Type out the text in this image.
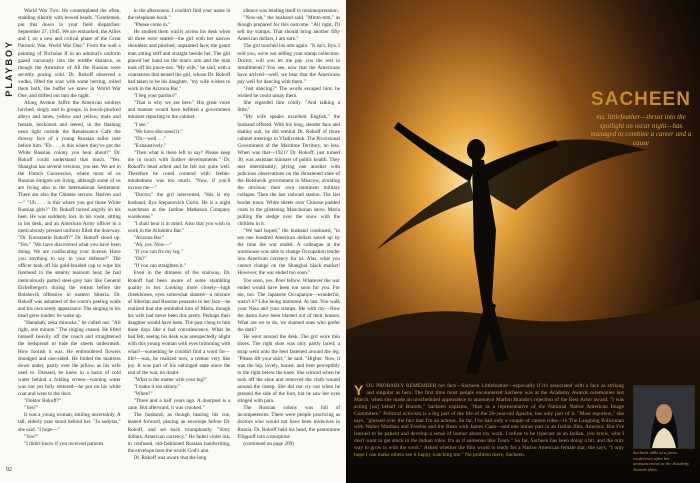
PLAYBOY

World War Two. He contemplated the often, standing silently with bowed heads. "Gentlemen, put this down in your field dispatches: September 27, 1945. We are embarked, the Allies and I, on a new and critical phase of the Great Patriotic War. World War One." From the wall a painting of Nicholas II in an admiral's uniform gazed vacuously into the middle distance, as though the Armistice of All the Russias were secretly posing wild. Dr. Rokoff observed a vodka, lifted the sour with some herring, rolled them both, the buffet we knew in World War One, and drifted out into the night.

Along Avenue Joffre the American soldiers lurched, singly and in groups, in hooch-plucked alleys and lanes, yellow and yellow, male and female, beckoned and leered, in the flashing neon light outside the Renaissance Café the drowsy face of a young Russian sailor rose before him. "Eh . . . is this where they've got the White Russian colony you hear about?" Dr. Rokoff could understand that much. "Yes. Shanghai has several versions, you see. We are in the French Concession, where most of us Russian émigrés are living, although some of us are living also in the International Settlement. There are also the Chinese sectors. Natives and—" "Uh . . . is this where you got those White Russian girls?" Dr. Rokoff turned angrily on his heel. He was suddenly lost. In his room, sitting in his desk, and an American Army officer in a meticulously pressed uniform filled the doorway. "Dr. Konstantin Rokoff?" Dr. Rokoff stood up. "Yes." "We have discovered what you have been doing. We are confiscating your license. Have you anything to say in your defense?" The officer took off his gold-braided cap to wipe his forehead in the steamy tearoom heat; he had meticulously parted steel-grey hair like General Eichelberger's during the retreat before the Bolshevik offensive in eastern Siberia. Dr. Rokoff was ashamed of the room's peeling walls and his own seedy appearance. The singing in his head grew louder; he woke up.

"Hanukah, zeka minuska," he called out. "All right, one minute." The ringing ceased. He lifted himself heavily off the couch and straightened the bedspread to hide the sheets underneath. How foolish it was. He embroidered flowers smudged and one-sided. He folded the mattress down under, partly over the pillow, as his wife used to. Dressed, he knew in a basin of cold water behind a folding screen—running water was not yet fully restored—he put on his white coat and went to the door.

"Doktor Rokoff?"

"Yes?"

It was a young woman, smiling uncertainly. A tall, elderly man stood behind her. "Ja sodytas," she said. "I hope—"

"Yes?"

"I didn't know if you received patients

in the afternoons. I couldn't find your name in the telephone book."

"Please come in."

He studied them warily across his desk when all three were seated—the girl with her narrow shoulders and pinched, unpainted face; the gaunt man sitting stiff and straight beside her. The girl placed her hand on the man's arm and the man took off his pince-nez. "My wife," he said, with a coarseness that tensed the girl, whose Dr. Rokoff had taken to be his daughter, "my wife wishes to work in the Arizona Bar."

"I beg your pardon?"

"That is why we are here." His great voice and manner would have befitted a government minister reporting to the cabinet.

"I see."

"We have discussed it."

"Oh—well . . ."

"Exhaustively."

"Then what is there left to say? Please keep me in touch with further developments." Dr. Rokoff's head ached and he felt not quite well. Therefore he could contend with: feeble-mindedness was too much. "Now, if you'll excuse me—"

"Doctor," the girl intervened, "this is my husband, Ilya Stepanovich Gorin. He is a night watchman at the Jardine Matheson Company warehouse."

"I shall bear it in mind. Also that you wish to work in the Allumbra Bar."

"Arizona Bar."

"Ah, yes. Now—"

"If you can fix my leg."

"Oh?"

"If you can straighten it."

Even in the dimness of the stairway, Dr. Rokoff had been aware of some stumbling quality in her. Looking more closely—high cheekbones, eyes somewhat slanted—a mixture of Siberian and Russian peasants in her face—he realized that she reminded him of Maria, though his wife had never been this pretty. Perhaps their daughter would have been. The past clung to him these days like a bad convalescence. What he had felt, seeing his desk was unexpectedly alight with this young woman with eyes brimming with what?—something he couldn't find a word for—life!—was, he realized now, a tremor very like joy. It was part of his unhinged state since the end of the war, no doubt.

"What is the matter with your leg?"

"I make it too skinny."

"When?"

"Three and a half years ago. A doorpost is a cane. But afterward, it was crooked."

The husband, as though hearing his cue, leaned forward, placing an envelope before Dr. Rokoff, and set back triumphantly. "Sixty dollars, American currency." He faded violet ink, in confused, old-fashioned Russian handwriting, the envelope bore the words God's aim.

Dr. Rokoff was aware that the long

silence was lending itself to misinterpretation.

"Now-ah," the husband said. "Mmm-mm," as though prepared for this outcome. "All right, I'll sell my stamps. That should bring another fifty American dollars, I am sure."

The girl touched his arm again. "It isn't, Ilya. I told you, we're not selling your stamp collection. Doctor, will you let me pay you the rest in installments? You see, now that the Americans have arrived—well, we hear that the Americans pay well for dancing with them."

"Just dancing?" The words escaped him; he wished he could unsay them.

She regarded him coolly. "And talking a little."

"My wife speaks excellent English," the husband offered. With his long, slender face and shabby suit, he did remind Dr. Rokoff of those cabinet meetings in Vladivostok. The Provisional Government of the Maritime Territory, no less. When was that—1921? Dr. Rokoff, just turned 30, was assistant minister of public health. They met interminably, plying one another with judicious observations on the threatened state of the Bolshevik government in Moscow, avoiding the obvious: their own imminent military collapse. Then the last railroad station. The last border town. White sheets over Chinese padded coats in the glistening Manchurian snow. Maria pulling the sledge over the snow with the children in it.

"We had hoped," the husband continued, "to see one hundred American dollars saved up by the time the war ended. A colleague at the warehouse was able to change Occupation tender into American currency for us. Alas, what you cannot change on the Shanghai black market! However, the war ended too soon."

Too soon, yes. Poor fellow. Whatever the war ended would have been too soon for you. For me, too. The Japanese Occupation—wonderful, wasn't it? Like being immured. At last. You walk your Nina and your stamps. Me with my—Now the damn have been blasted out of their houses. What are we to do, we shamed ones who prefer the dark?

He went around the desk. The girl wore thin shoes. The right shoe was only partly laced; a strap went onto the heel fastened around the leg. "Please lift your skirt," he said. "Higher. Now, it was the hip, lovely, honed, and bent perceptibly to the right below the knee. She winced when he took off the shoe and removed the cloth wound around the instep. She did not cry out when he pressed the side of the foot, but he saw her eyes stinged with pain.

The Russian colony was full of incompetences. There were people practicing as doctors who would not have been midwives in Russia. Dr. Rokoff held his head, the pantomime Filippoff into a morphine

(continued on page 209)

92
SACHEEN
ms. littlefeather—thrust into the spotlight on oscar night—has managed to combine a career and a cause
YOU PROBABLY REMEMBER her face—Sacheen Littlefeather—especially if it's associated with a face as striking and singular as hers. The first time most people encountered Sacheen was at the Academy Awards ceremonies last March, when she made an unscheduled appearance to announce Marlon Brando's rejection of the Best Actor award. "I was acting [on] behalf of Brando," Sacheen explains, "than as a representative of the National Native American Image Committee." Political activism is a big part of the life of the 26-year-old Apache, but only part of it. "Most reporters," she says, "glossed over the fact that I'm an actress. So far, I've had only a couple of cameo roles—in The Laughing Policeman with Walter Matthau and Freebie and the Bean with James Caan—and one minor part in an Italian film, America. But I've learned to be patient and develop a sense of humor about my work. I refuse to be typecast as an Indian, you know, who I don't want to get stuck in the Indian roles. It's as if someone like Tonto." So far, Sacheen has been doing a bit, and the only way to grow is with the work." Asked whether the film world is ready for a Native American female star, she says, "I only hope I can make others see it happy watching me." No problem there, Sacheen.	Sacheen talks at a press conference after her announcement at the Academy Awards show.
